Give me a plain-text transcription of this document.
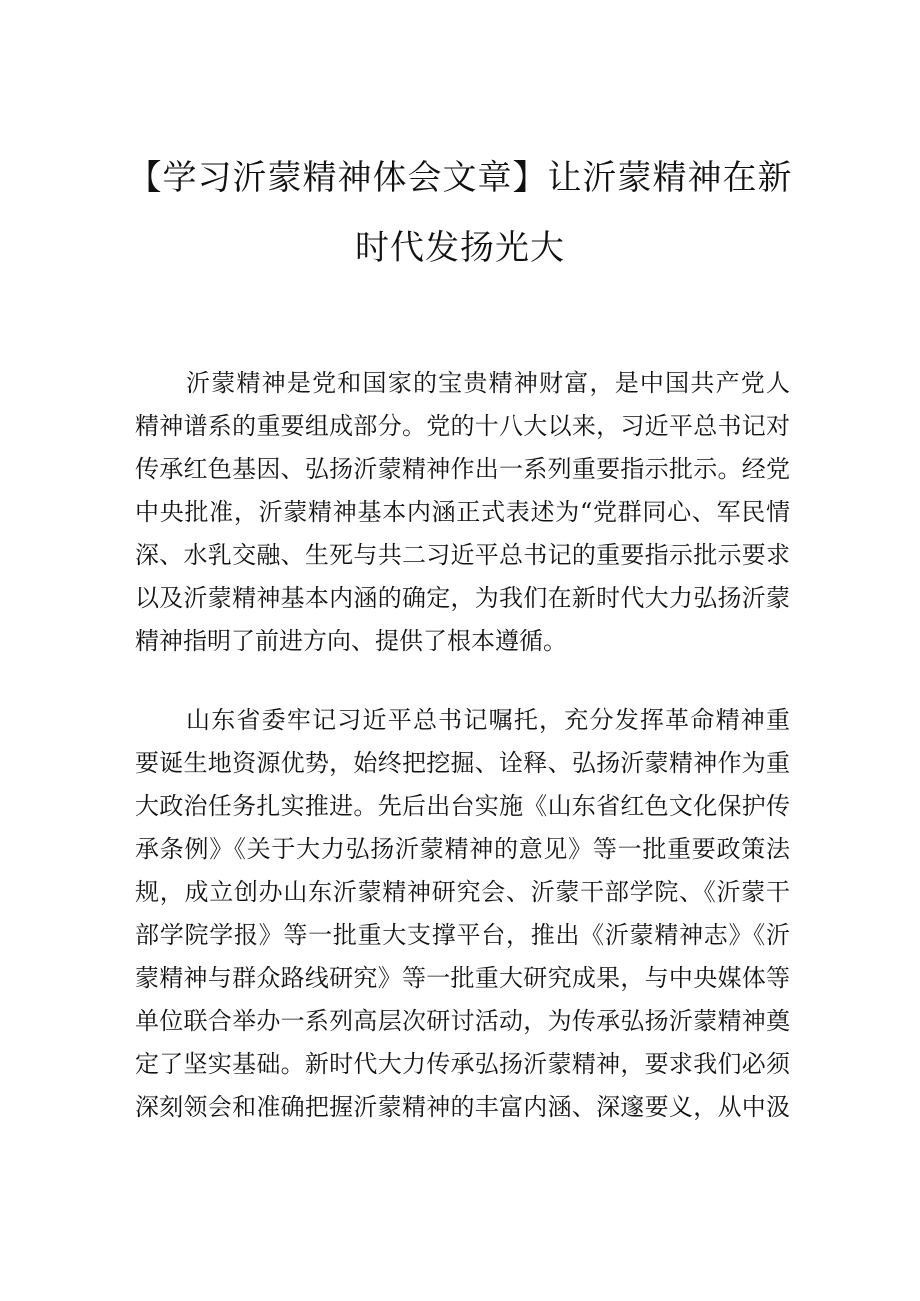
【学习沂蒙精神体会文章】让沂蒙精神在新
时代发扬光大
沂蒙精神是党和国家的宝贵精神财富，是中国共产党人
精神谱系的重要组成部分。党的十八大以来，习近平总书记对
传承红色基因、弘扬沂蒙精神作出一系列重要指示批示。经党
中央批准，沂蒙精神基本内涵正式表述为“党群同心、军民情
深、水乳交融、生死与共二习近平总书记的重要指示批示要求
以及沂蒙精神基本内涵的确定，为我们在新时代大力弘扬沂蒙
精神指明了前进方向、提供了根本遵循。
山东省委牢记习近平总书记嘱托，充分发挥革命精神重
要诞生地资源优势，始终把挖掘、诠释、弘扬沂蒙精神作为重
大政治任务扎实推进。先后出台实施《山东省红色文化保护传
承条例》《关于大力弘扬沂蒙精神的意见》等一批重要政策法
规，成立创办山东沂蒙精神研究会、沂蒙干部学院、《沂蒙干
部学院学报》等一批重大支撑平台，推出《沂蒙精神志》《沂
蒙精神与群众路线研究》等一批重大研究成果，与中央媒体等
单位联合举办一系列高层次研讨活动，为传承弘扬沂蒙精神奠
定了坚实基础。新时代大力传承弘扬沂蒙精神，要求我们必须
深刻领会和准确把握沂蒙精神的丰富内涵、深邃要义，从中汲
